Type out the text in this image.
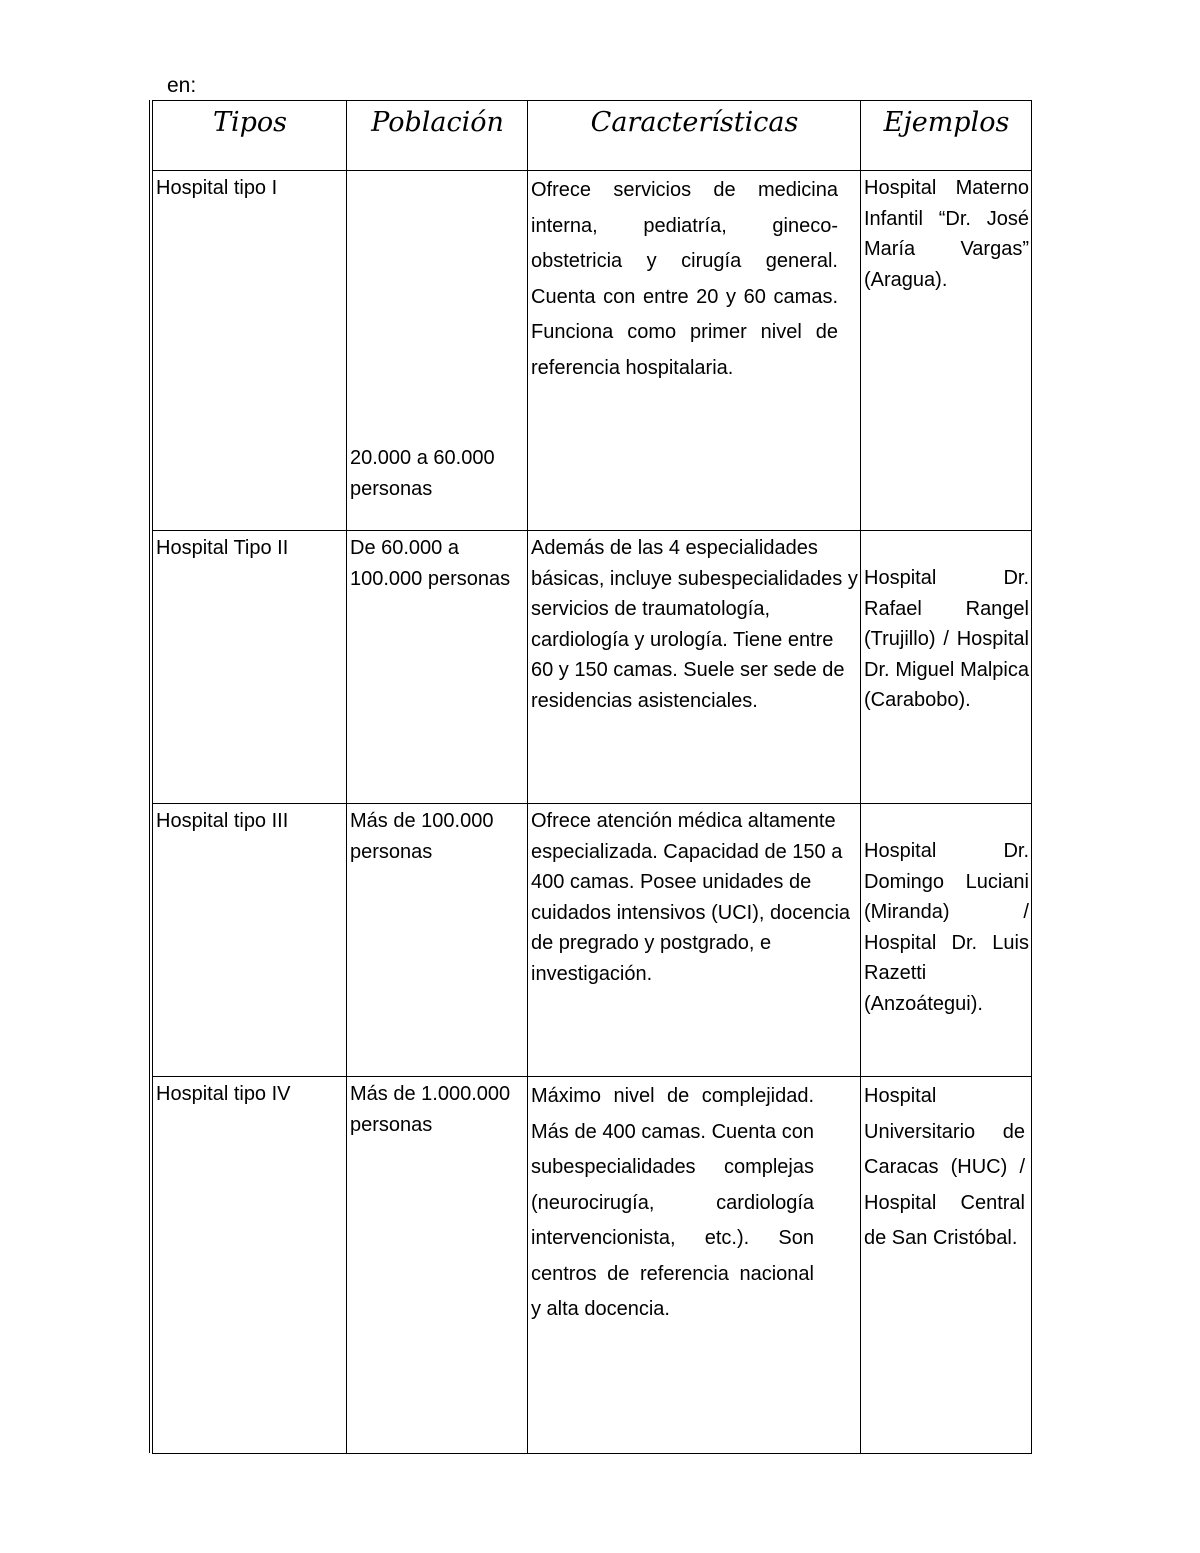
en:
Tipos	Población	Características	Ejemplos
Hospital tipo I	20.000 a 60.000 personas	Ofrece servicios de medicina interna, pediatría, gineco-obstetricia y cirugía general. Cuenta con entre 20 y 60 camas. Funciona como primer nivel de referencia hospitalaria.	Hospital Materno Infantil “Dr. José María Vargas” (Aragua).
Hospital Tipo II	De 60.000 a 100.000 personas	Además de las 4 especialidades básicas, incluye subespecialidades y servicios de traumatología, cardiología y urología. Tiene entre 60 y 150 camas. Suele ser sede de residencias asistenciales.	Hospital Dr. Rafael Rangel (Trujillo) / Hospital Dr. Miguel Malpica (Carabobo).
Hospital tipo III	Más de 100.000 personas	Ofrece atención médica altamente especializada. Capacidad de 150 a 400 camas. Posee unidades de cuidados intensivos (UCI), docencia de pregrado y postgrado, e investigación.	Hospital Dr. Domingo Luciani (Miranda) / Hospital Dr. Luis Razetti (Anzoátegui).
Hospital tipo IV	Más de 1.000.000 personas	Máximo nivel de complejidad. Más de 400 camas. Cuenta con subespecialidades complejas (neurocirugía, cardiología intervencionista, etc.). Son centros de referencia nacional y alta docencia.	Hospital Universitario de Caracas (HUC) / Hospital Central de San Cristóbal.
